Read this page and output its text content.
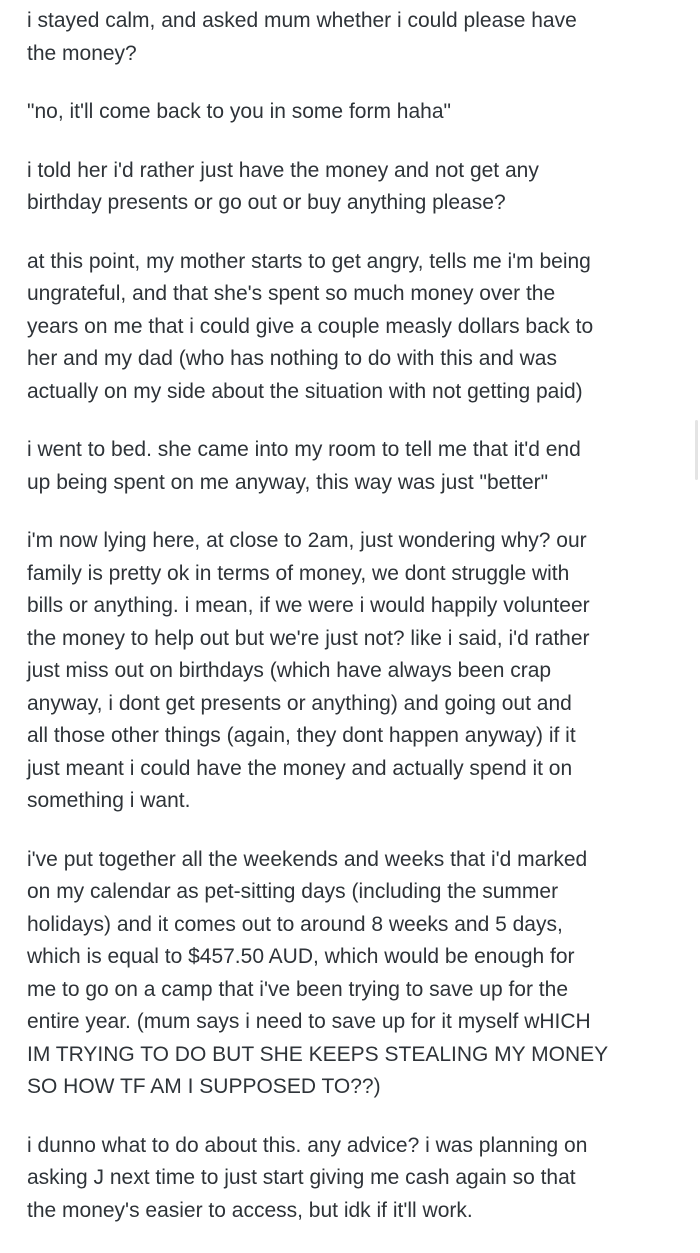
i stayed calm, and asked mum whether i could please have
the money?
"no, it'll come back to you in some form haha"
i told her i'd rather just have the money and not get any
birthday presents or go out or buy anything please?
at this point, my mother starts to get angry, tells me i'm being
ungrateful, and that she's spent so much money over the
years on me that i could give a couple measly dollars back to
her and my dad (who has nothing to do with this and was
actually on my side about the situation with not getting paid)
i went to bed. she came into my room to tell me that it'd end
up being spent on me anyway, this way was just "better"
i'm now lying here, at close to 2am, just wondering why? our
family is pretty ok in terms of money, we dont struggle with
bills or anything. i mean, if we were i would happily volunteer
the money to help out but we're just not? like i said, i'd rather
just miss out on birthdays (which have always been crap
anyway, i dont get presents or anything) and going out and
all those other things (again, they dont happen anyway) if it
just meant i could have the money and actually spend it on
something i want.
i've put together all the weekends and weeks that i'd marked
on my calendar as pet-sitting days (including the summer
holidays) and it comes out to around 8 weeks and 5 days,
which is equal to $457.50 AUD, which would be enough for
me to go on a camp that i've been trying to save up for the
entire year. (mum says i need to save up for it myself wHICH
IM TRYING TO DO BUT SHE KEEPS STEALING MY MONEY
SO HOW TF AM I SUPPOSED TO??)
i dunno what to do about this. any advice? i was planning on
asking J next time to just start giving me cash again so that
the money's easier to access, but idk if it'll work.
